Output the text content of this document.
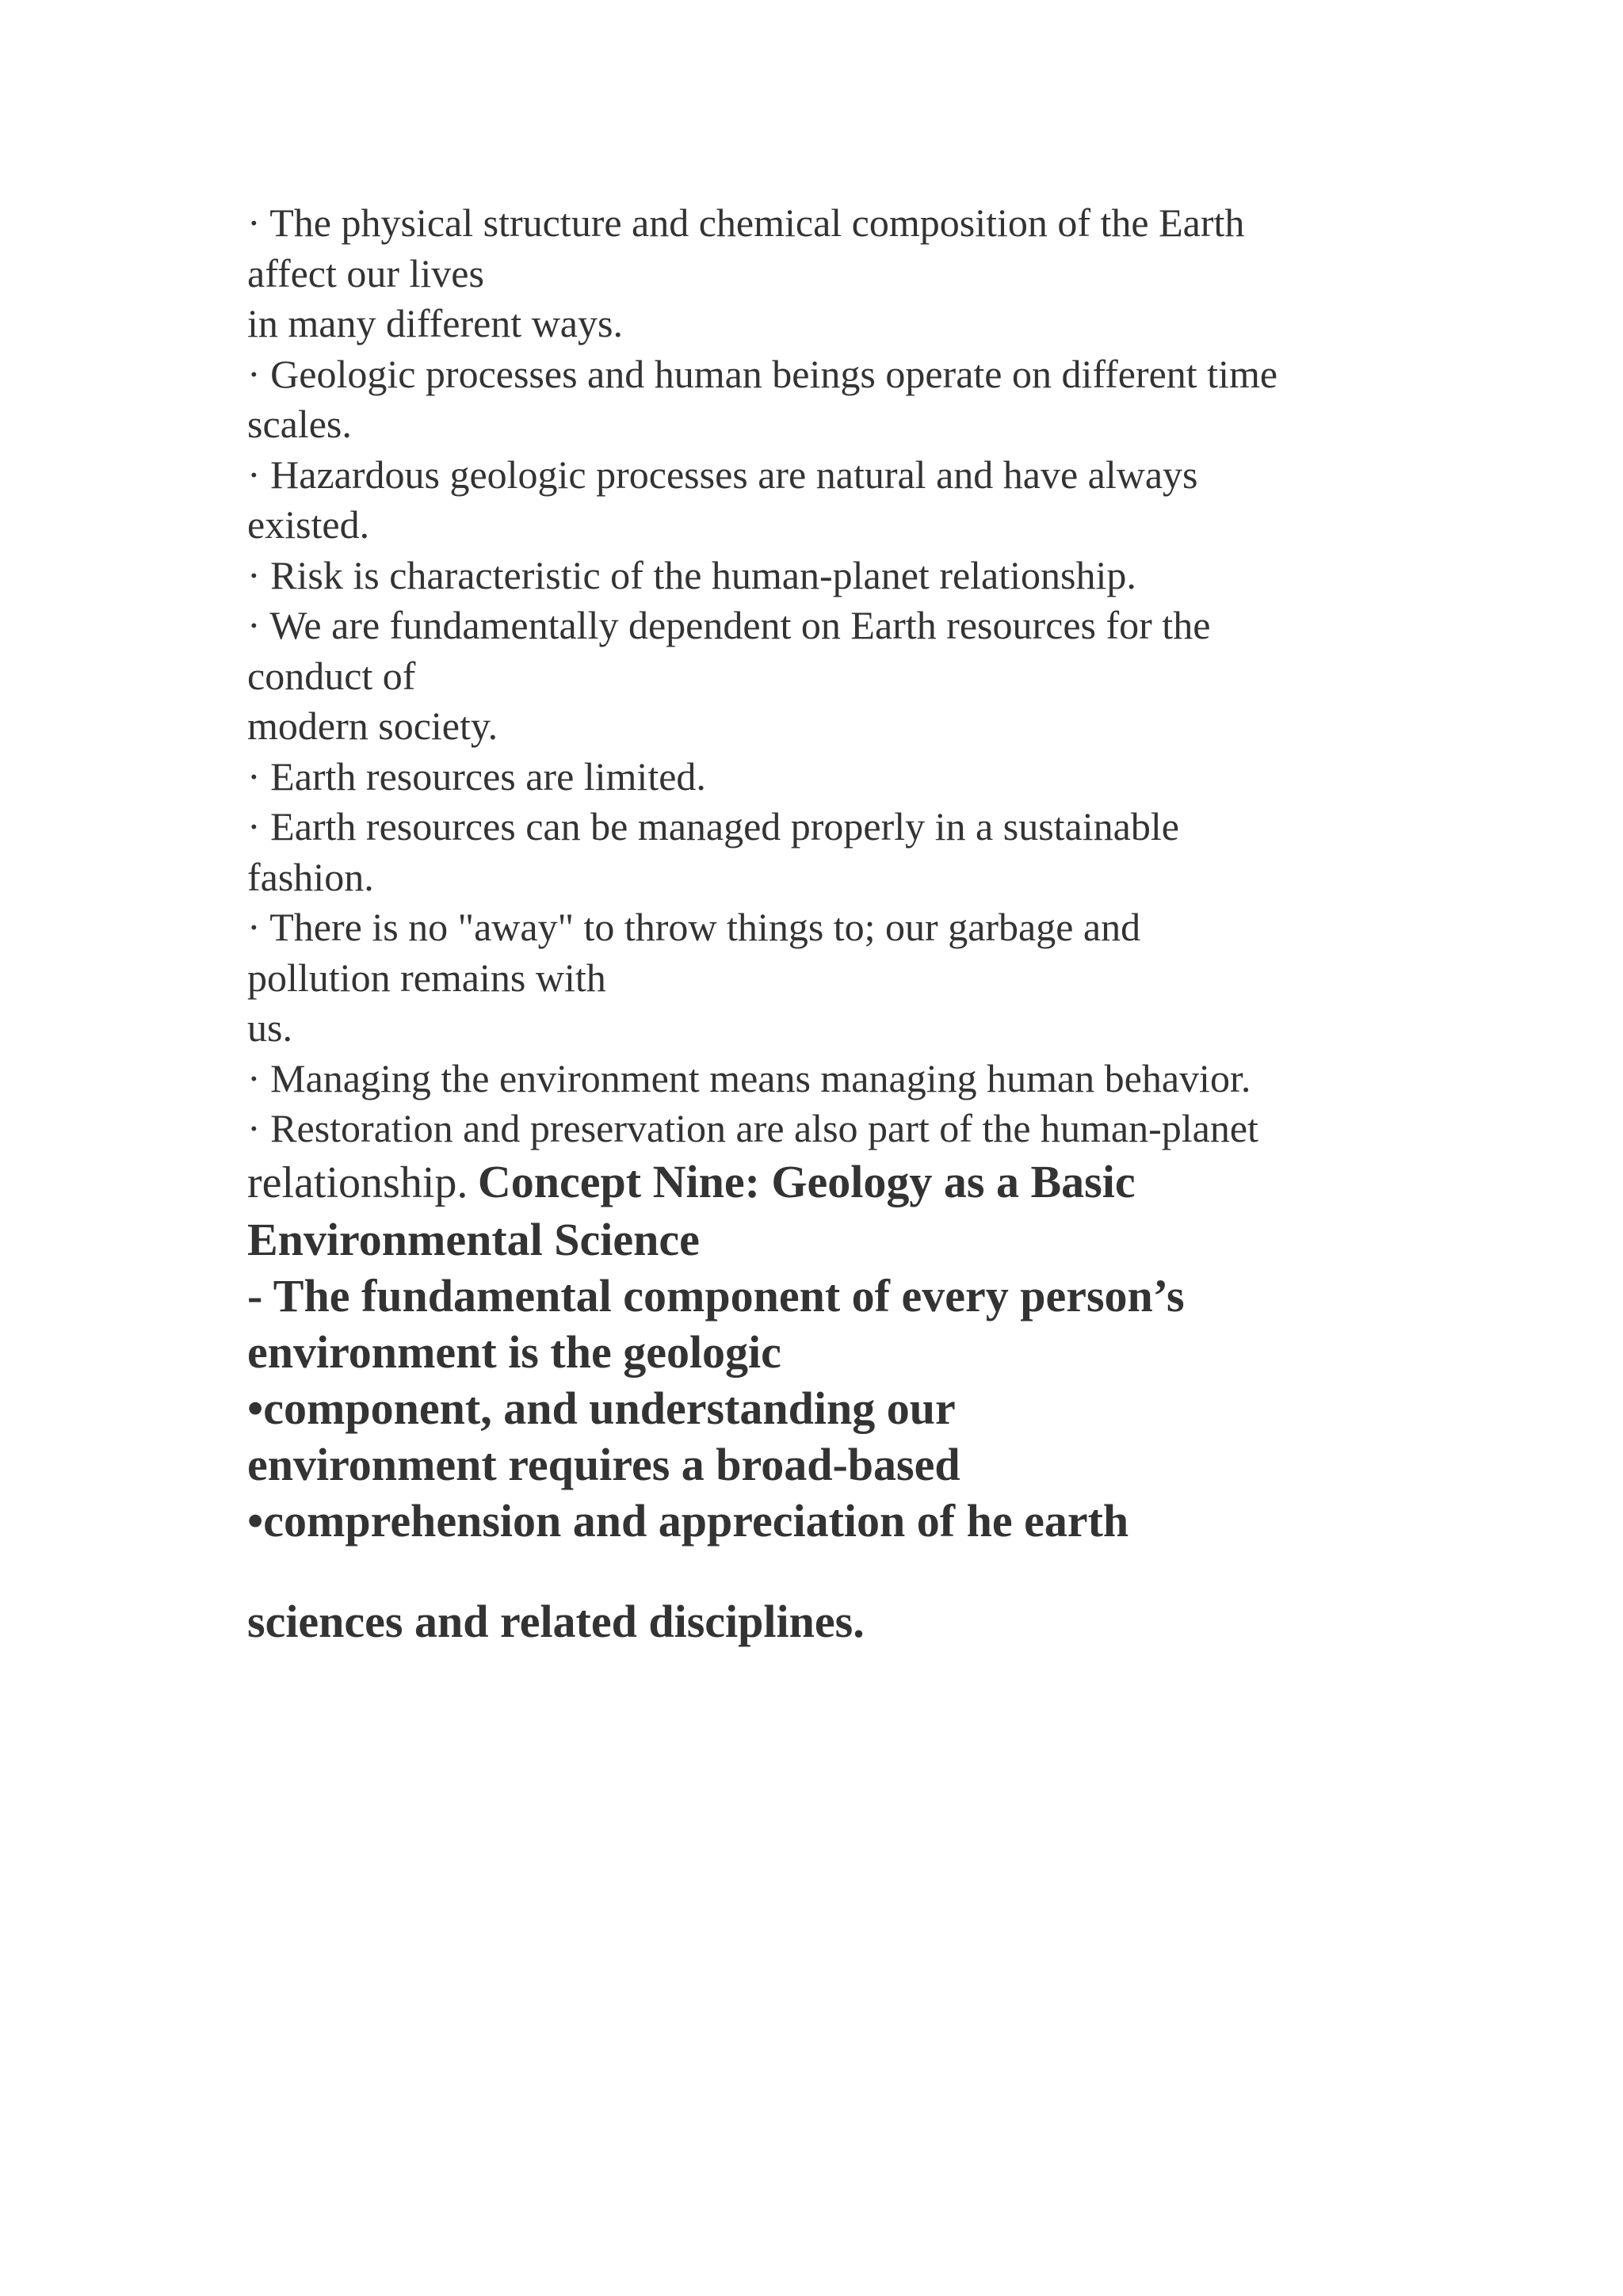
· The physical structure and chemical composition of the Earth
affect our lives
in many different ways.
· Geologic processes and human beings operate on different time
scales.
· Hazardous geologic processes are natural and have always
existed.
· Risk is characteristic of the human-planet relationship.
· We are fundamentally dependent on Earth resources for the
conduct of
modern society.
· Earth resources are limited.
· Earth resources can be managed properly in a sustainable
fashion.
· There is no "away" to throw things to; our garbage and
pollution remains with
us.
· Managing the environment means managing human behavior.
· Restoration and preservation are also part of the human-planet
relationship. Concept Nine: Geology as a Basic
Environmental Science
- The fundamental component of every person’s
environment is the geologic
•component, and understanding our
environment requires a broad-based
•comprehension and appreciation of he earth
sciences and related disciplines.
